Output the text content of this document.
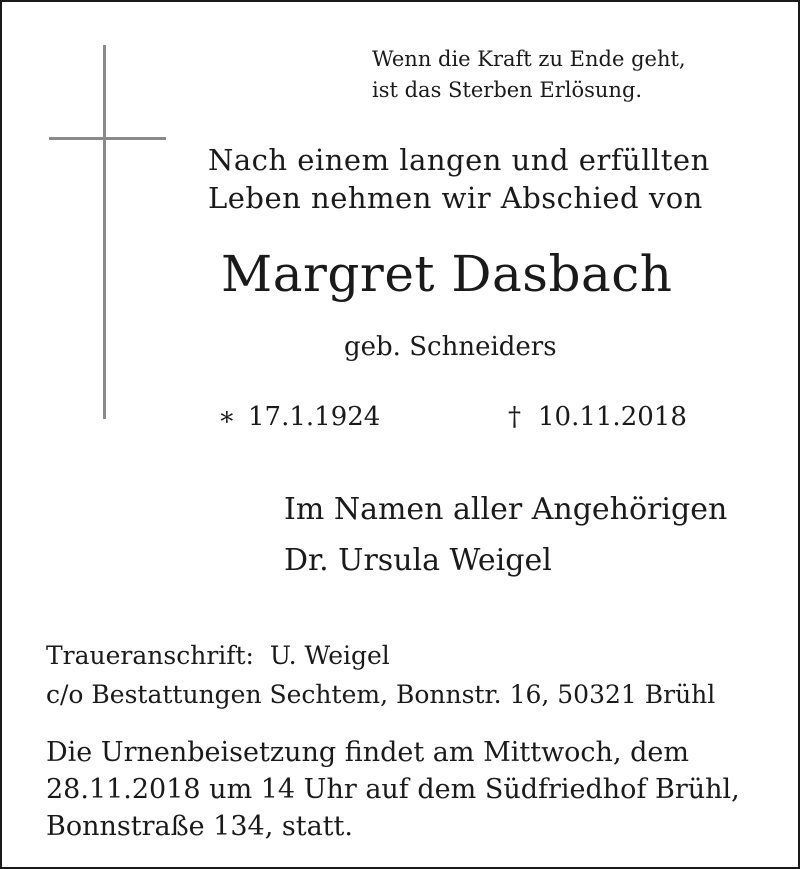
Wenn die Kraft zu Ende geht,
ist das Sterben Erlösung.
Nach einem langen und erfüllten
Leben nehmen wir Abschied von
Margret Dasbach
geb. Schneiders
∗ 17.1.1924	† 10.11.2018
Im Namen aller Angehörigen
Dr. Ursula Weigel
Traueranschrift:  U. Weigel
c/o Bestattungen Sechtem, Bonnstr. 16, 50321 Brühl
Die Urnenbeisetzung findet am Mittwoch, dem
28.11.2018 um 14 Uhr auf dem Südfriedhof Brühl,
Bonnstraße 134, statt.
